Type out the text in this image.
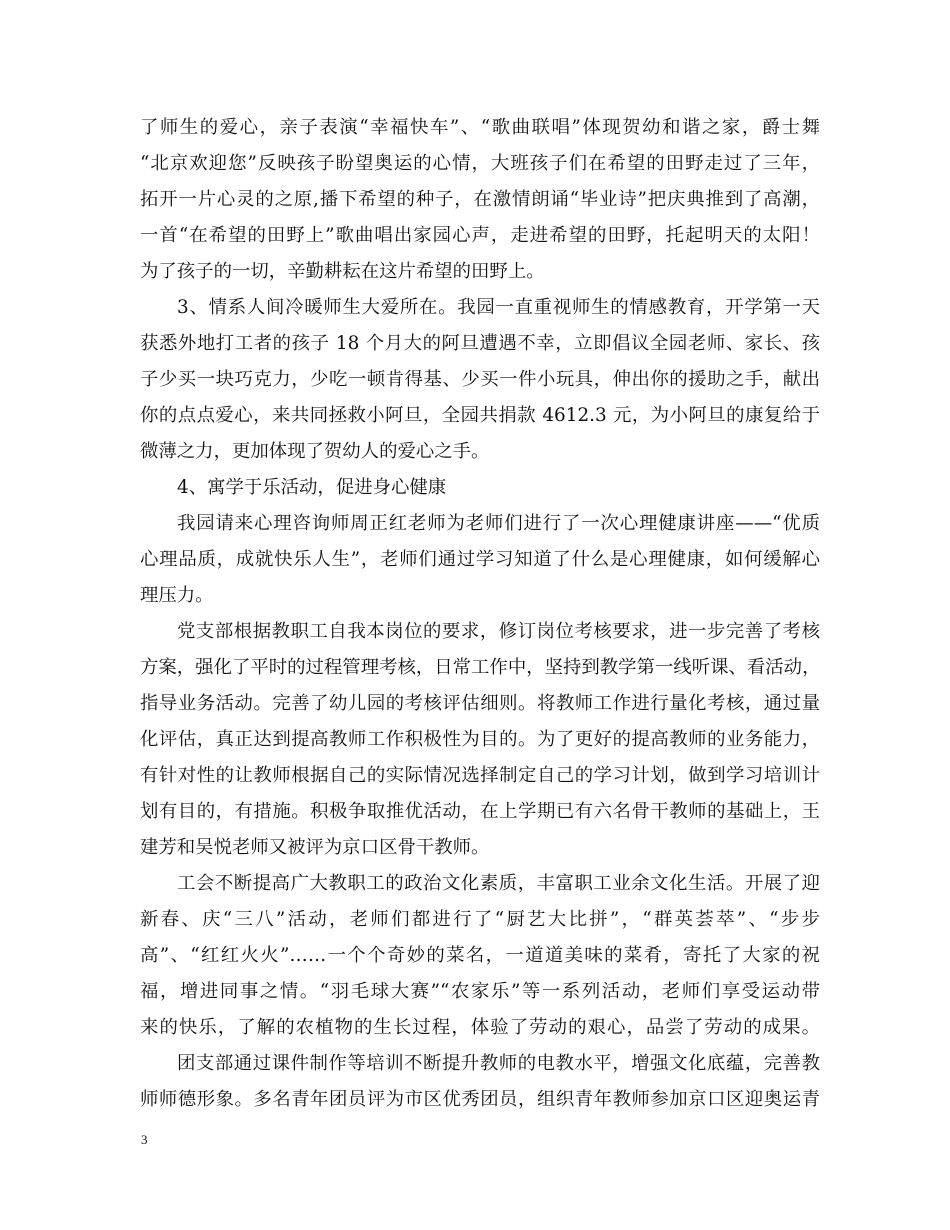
了师生的爱心，亲子表演“幸福快车”、“歌曲联唱”体现贺幼和谐之家，爵士舞
“北京欢迎您”反映孩子盼望奥运的心情，大班孩子们在希望的田野走过了三年，
拓开一片心灵的之原,播下希望的种子，在激情朗诵“毕业诗”把庆典推到了高潮，
一首“在希望的田野上”歌曲唱出家园心声，走进希望的田野，托起明天的太阳！
为了孩子的一切，辛勤耕耘在这片希望的田野上。
3、情系人间冷暖师生大爱所在。我园一直重视师生的情感教育，开学第一天
获悉外地打工者的孩子 18 个月大的阿旦遭遇不幸，立即倡议全园老师、家长、孩
子少买一块巧克力，少吃一顿肯得基、少买一件小玩具，伸出你的援助之手，献出
你的点点爱心，来共同拯救小阿旦，全园共捐款 4612.3 元，为小阿旦的康复给于
微薄之力，更加体现了贺幼人的爱心之手。
4、寓学于乐活动，促进身心健康
我园请来心理咨询师周正红老师为老师们进行了一次心理健康讲座——“优质
心理品质，成就快乐人生”，老师们通过学习知道了什么是心理健康，如何缓解心
理压力。
党支部根据教职工自我本岗位的要求，修订岗位考核要求，进一步完善了考核
方案，强化了平时的过程管理考核，日常工作中，坚持到教学第一线听课、看活动，
指导业务活动。完善了幼儿园的考核评估细则。将教师工作进行量化考核，通过量
化评估，真正达到提高教师工作积极性为目的。为了更好的提高教师的业务能力，
有针对性的让教师根据自己的实际情况选择制定自己的学习计划，做到学习培训计
划有目的，有措施。积极争取推优活动，在上学期已有六名骨干教师的基础上，王
建芳和吴悦老师又被评为京口区骨干教师。
工会不断提高广大教职工的政治文化素质，丰富职工业余文化生活。开展了迎
新春、庆“三八”活动，老师们都进行了“厨艺大比拼”，“群英荟萃”、“步步
高”、“红红火火”……一个个奇妙的菜名，一道道美味的菜肴，寄托了大家的祝
福，增进同事之情。“羽毛球大赛”“农家乐”等一系列活动，老师们享受运动带
来的快乐，了解的农植物的生长过程，体验了劳动的艰心，品尝了劳动的成果。
团支部通过课件制作等培训不断提升教师的电教水平，增强文化底蕴，完善教
师师德形象。多名青年团员评为市区优秀团员，组织青年教师参加京口区迎奥运青
3
